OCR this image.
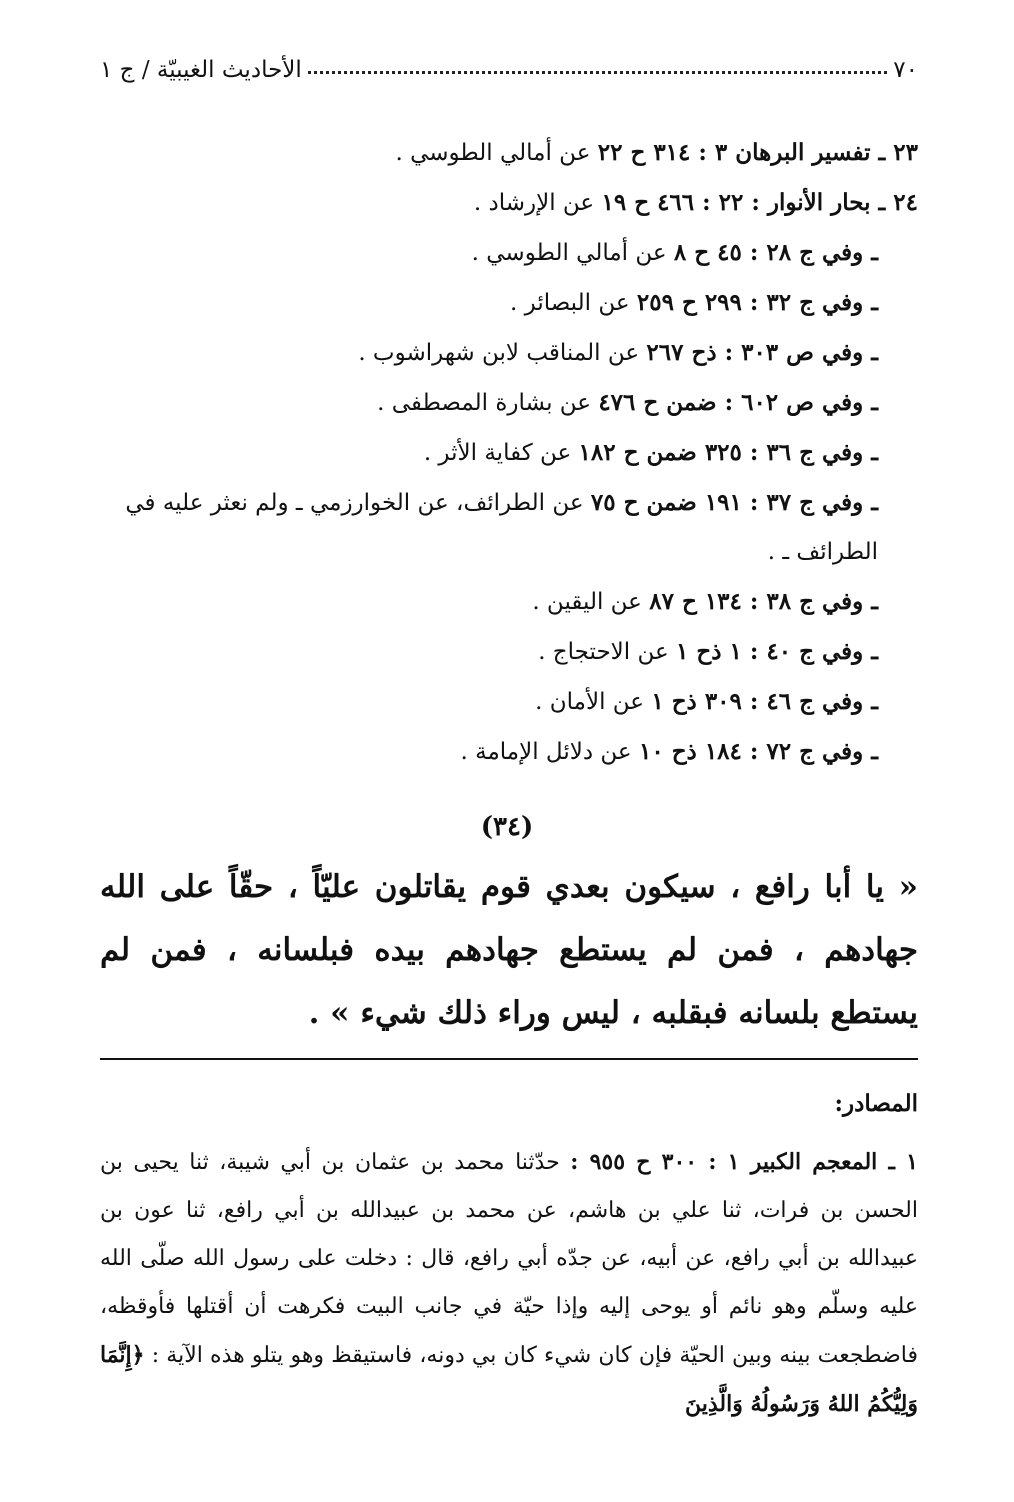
٧٠
الأحاديث الغيبيّة / ج ١

٢٣ ـ تفسير البرهان ٣ : ٣١٤ ح ٢٢ عن أمالي الطوسي .

٢٤ ـ بحار الأنوار : ٢٢ : ٤٦٦ ح ١٩ عن الإرشاد .

ـ وفي ج ٢٨ : ٤٥ ح ٨ عن أمالي الطوسي .

ـ وفي ج ٣٢ : ٢٩٩ ح ٢٥٩ عن البصائر .

ـ وفي ص ٣٠٣ : ذح ٢٦٧ عن المناقب لابن شهراشوب .

ـ وفي ص ٦٠٢ : ضمن ح ٤٧٦ عن بشارة المصطفى .

ـ وفي ج ٣٦ : ٣٢٥ ضمن ح ١٨٢ عن كفاية الأثر .

ـ وفي ج ٣٧ : ١٩١ ضمن ح ٧٥ عن الطرائف، عن الخوارزمي ـ ولم نعثر عليه في
الطرائف ـ .

ـ وفي ج ٣٨ : ١٣٤ ح ٨٧ عن اليقين .

ـ وفي ج ٤٠ : ١ ذح ١ عن الاحتجاج .

ـ وفي ج ٤٦ : ٣٠٩ ذح ١ عن الأمان .

ـ وفي ج ٧٢ : ١٨٤ ذح ١٠ عن دلائل الإمامة .

(٣٤)
« يا أبا رافع ، سيكون بعدي قوم يقاتلون عليّاً ، حقّاً على الله جهادهم ، فمن لم يستطع جهادهم بيده فبلسانه ، فمن لم يستطع بلسانه فبقلبه ، ليس وراء ذلك شيء » .
المصادر:

١ ـ المعجم الكبير ١ : ٣٠٠ ح ٩٥٥ : حدّثنا محمد بن عثمان بن أبي شيبة، ثنا يحيى بن الحسن بن فرات، ثنا علي بن هاشم، عن محمد بن عبيدالله بن أبي رافع، ثنا عون بن عبيدالله بن أبي رافع، عن أبيه، عن جدّه أبي رافع، قال : دخلت على رسول الله صلّى الله عليه وسلّم وهو نائم أو يوحى إليه وإذا حيّة في جانب البيت فكرهت أن أقتلها فأوقظه، فاضطجعت بينه وبين الحيّة فإن كان شيء كان بي دونه، فاستيقظ وهو يتلو هذه الآية : ﴿إِنَّمَا وَلِيُّكُمُ اللهُ وَرَسُولُهُ وَالَّذِينَ
